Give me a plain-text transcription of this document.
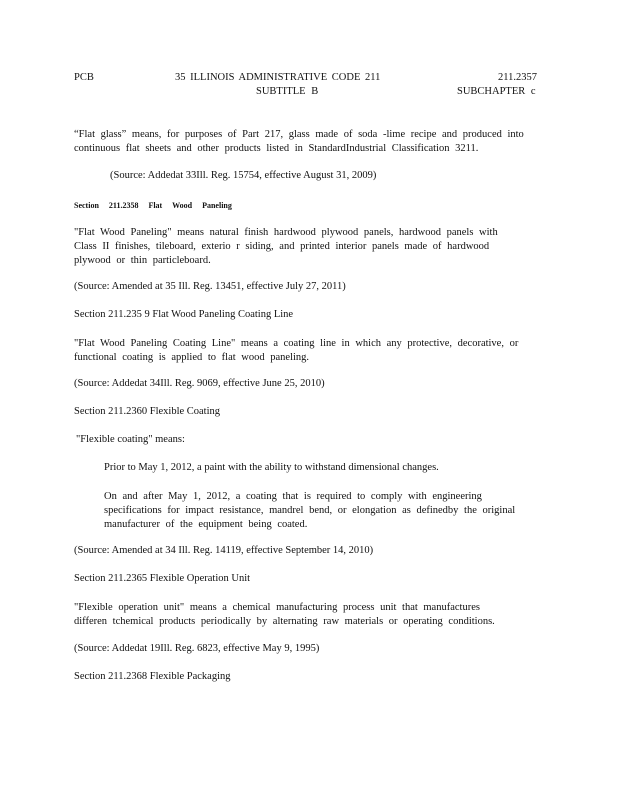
PCB	35 ILLINOIS ADMINISTRATIVE CODE 211	211.2357
SUBTITLE B	SUBCHAPTER c
“Flat glass” means, for purposes of Part 217, glass made of soda -lime recipe and produced into
continuous flat sheets and other products listed in StandardIndustrial Classification 3211.
(Source: Addedat 33Ill. Reg. 15754, effective August 31, 2009)
Section 211.2358 Flat Wood Paneling
"Flat Wood Paneling" means natural finish hardwood plywood panels, hardwood panels with
Class II finishes, tileboard, exterio r siding, and printed interior panels made of hardwood
plywood or thin particleboard.
(Source: Amended at 35 Ill. Reg. 13451, effective July 27, 2011)
Section 211.235 9 Flat Wood Paneling Coating Line
"Flat Wood Paneling Coating Line" means a coating line in which any protective, decorative, or
functional coating is applied to flat wood paneling.
(Source: Addedat 34Ill. Reg. 9069, effective June 25, 2010)
Section 211.2360 Flexible Coating
"Flexible coating" means:
Prior to May 1, 2012, a paint with the ability to withstand dimensional changes.
On and after May 1, 2012, a coating that is required to comply with engineering
specifications for impact resistance, mandrel bend, or elongation as definedby the original
manufacturer of the equipment being coated.
(Source: Amended at 34 Ill. Reg. 14119, effective September 14, 2010)
Section 211.2365 Flexible Operation Unit
"Flexible operation unit" means a chemical manufacturing process unit that manufactures
differen tchemical products periodically by alternating raw materials or operating conditions.
(Source: Addedat 19Ill. Reg. 6823, effective May 9, 1995)
Section 211.2368 Flexible Packaging
